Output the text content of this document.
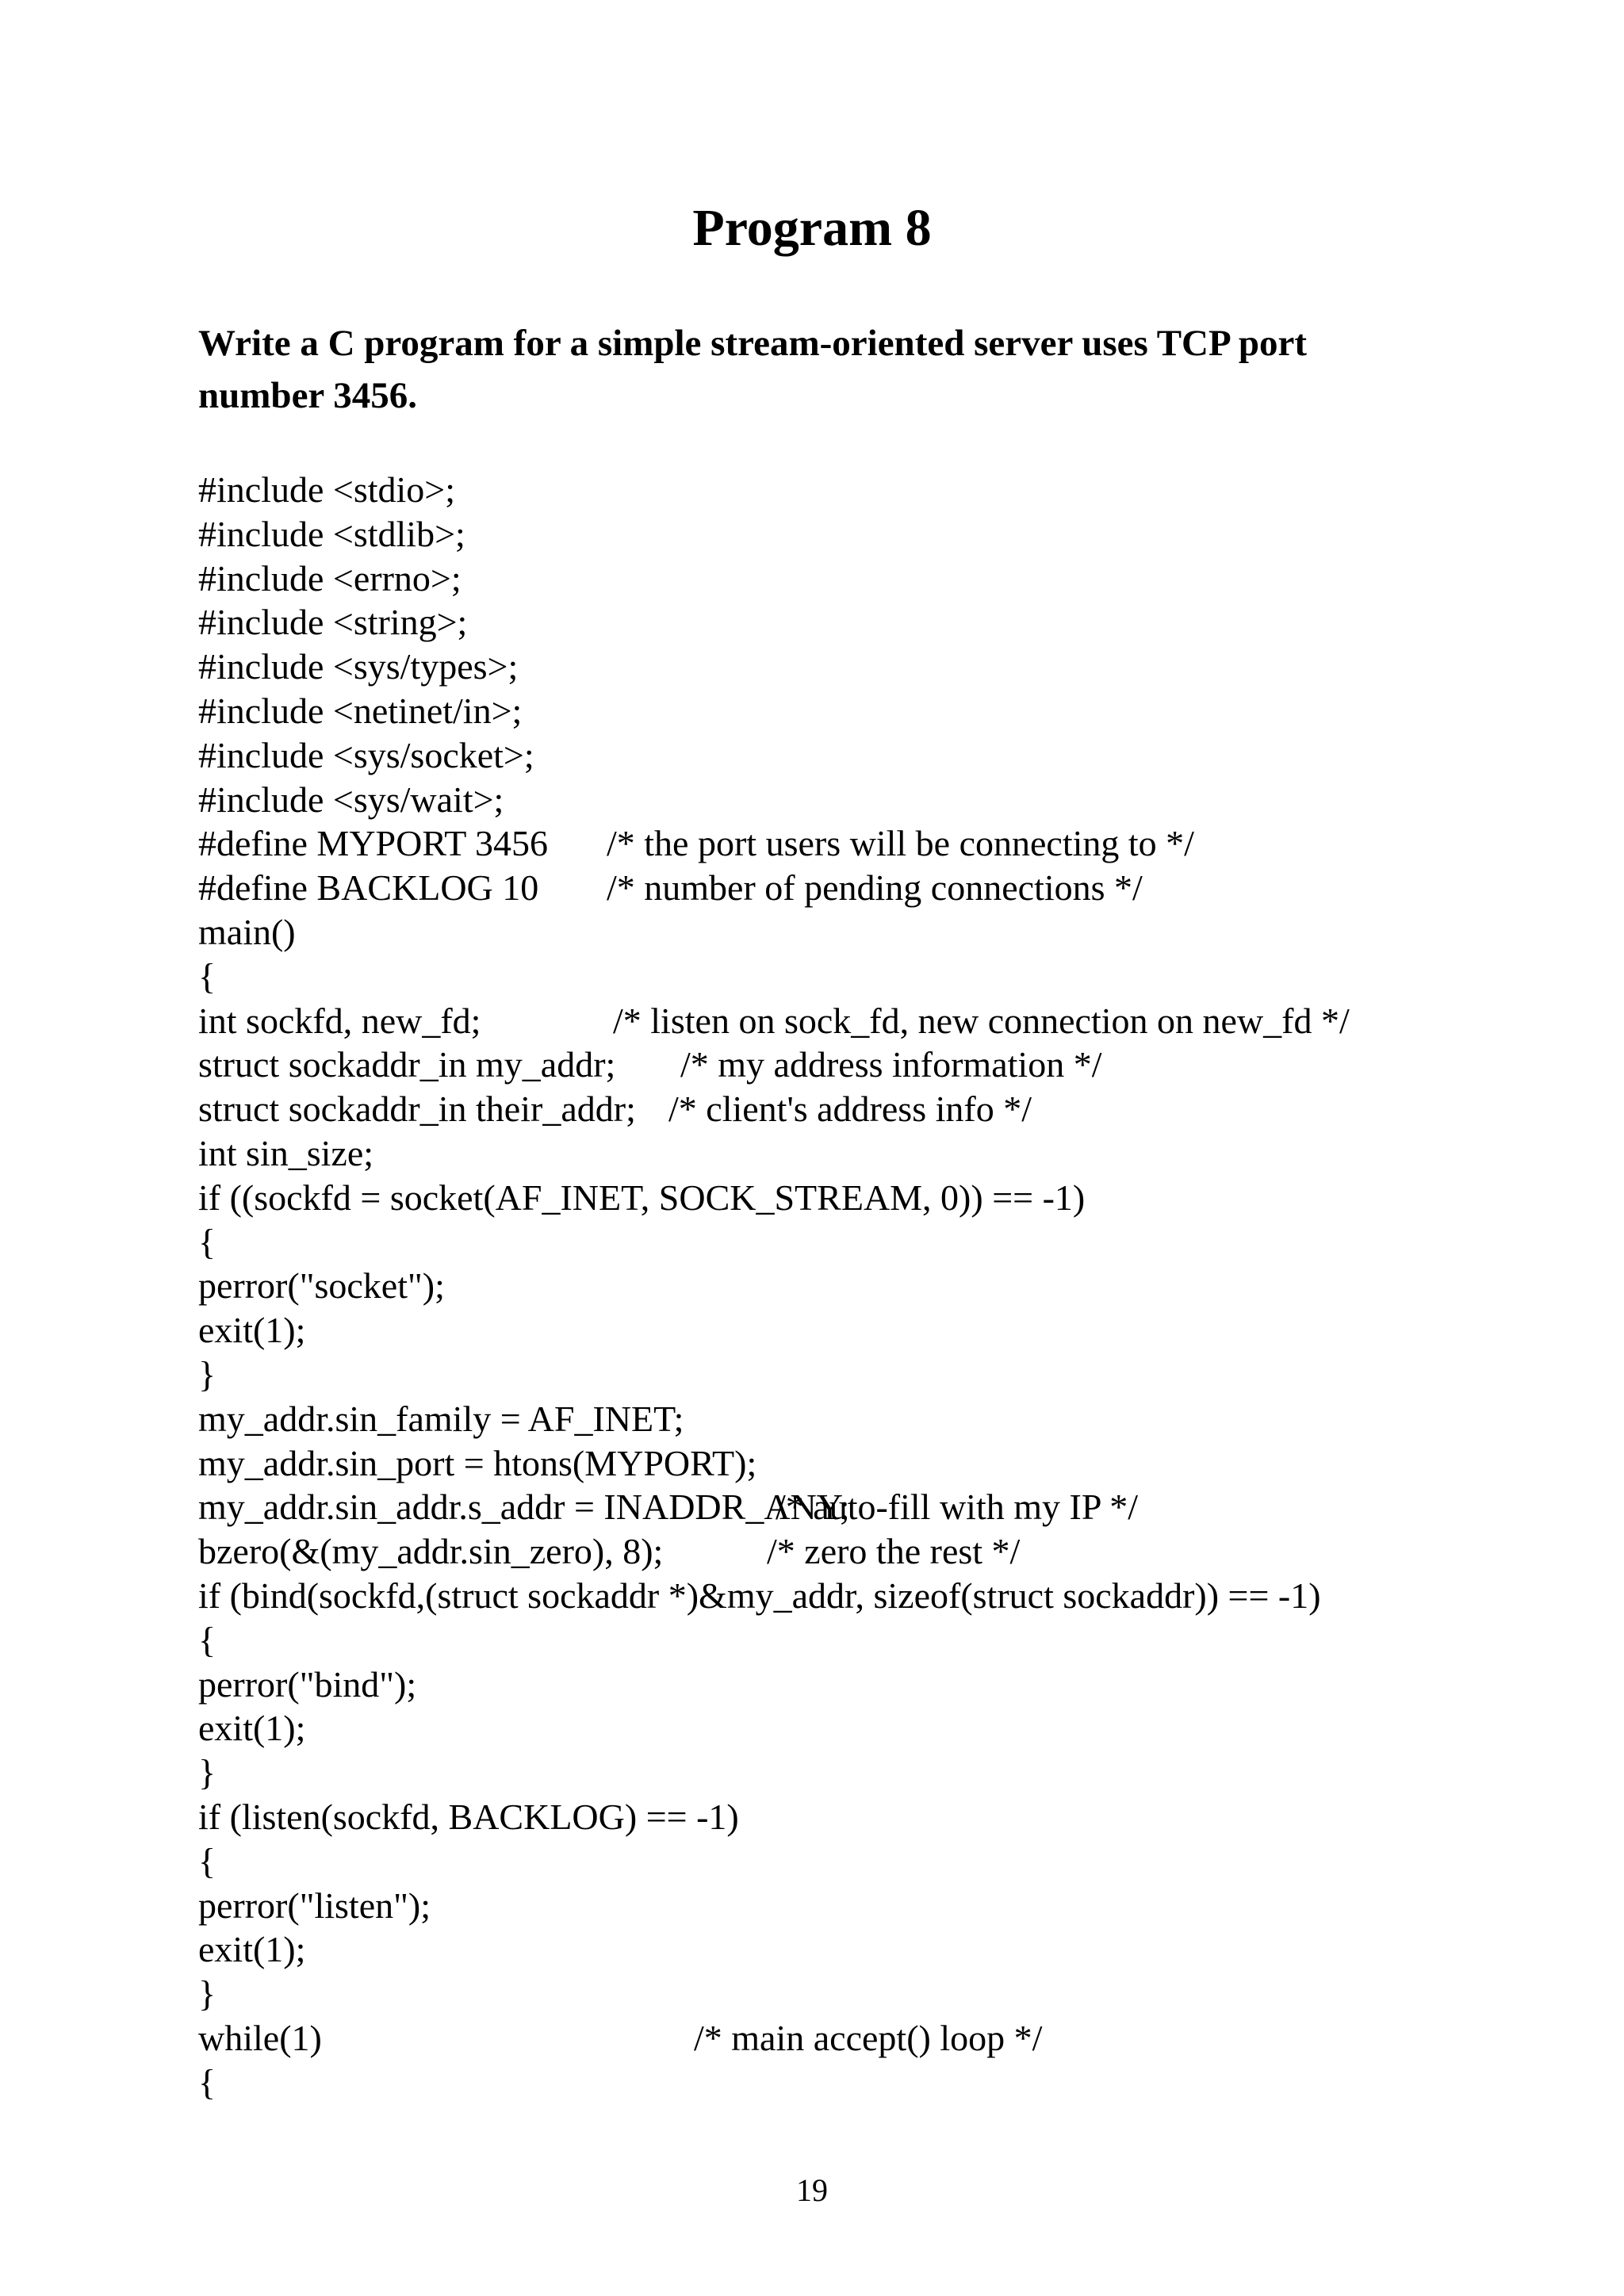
Program 8
Write a C program for a simple stream-oriented server uses TCP port number 3456.
#include <stdio>;
#include <stdlib>;
#include <errno>;
#include <string>;
#include <sys/types>;
#include <netinet/in>;
#include <sys/socket>;
#include <sys/wait>;
#define MYPORT 3456 /* the port users will be connecting to */
#define BACKLOG 10 /* number of pending connections */
main()
{
int sockfd, new_fd;	/* listen on sock_fd, new connection on new_fd */
struct sockaddr_in my_addr; /* my address information */
struct sockaddr_in their_addr; /* client's address info */
int sin_size;
if ((sockfd = socket(AF_INET, SOCK_STREAM, 0)) == -1)
{
perror("socket");
exit(1);
}
my_addr.sin_family = AF_INET;
my_addr.sin_port = htons(MYPORT);
my_addr.sin_addr.s_addr = INADDR_ANY;
/* auto-fill with my IP */
bzero(&(my_addr.sin_zero), 8);	/* zero the rest */
if (bind(sockfd,(struct sockaddr *)&my_addr, sizeof(struct sockaddr)) == -1)
{
perror("bind");
exit(1);
}
if (listen(sockfd, BACKLOG) == -1)
{
perror("listen");
exit(1);
}
while(1)	/* main accept() loop */
{
19
